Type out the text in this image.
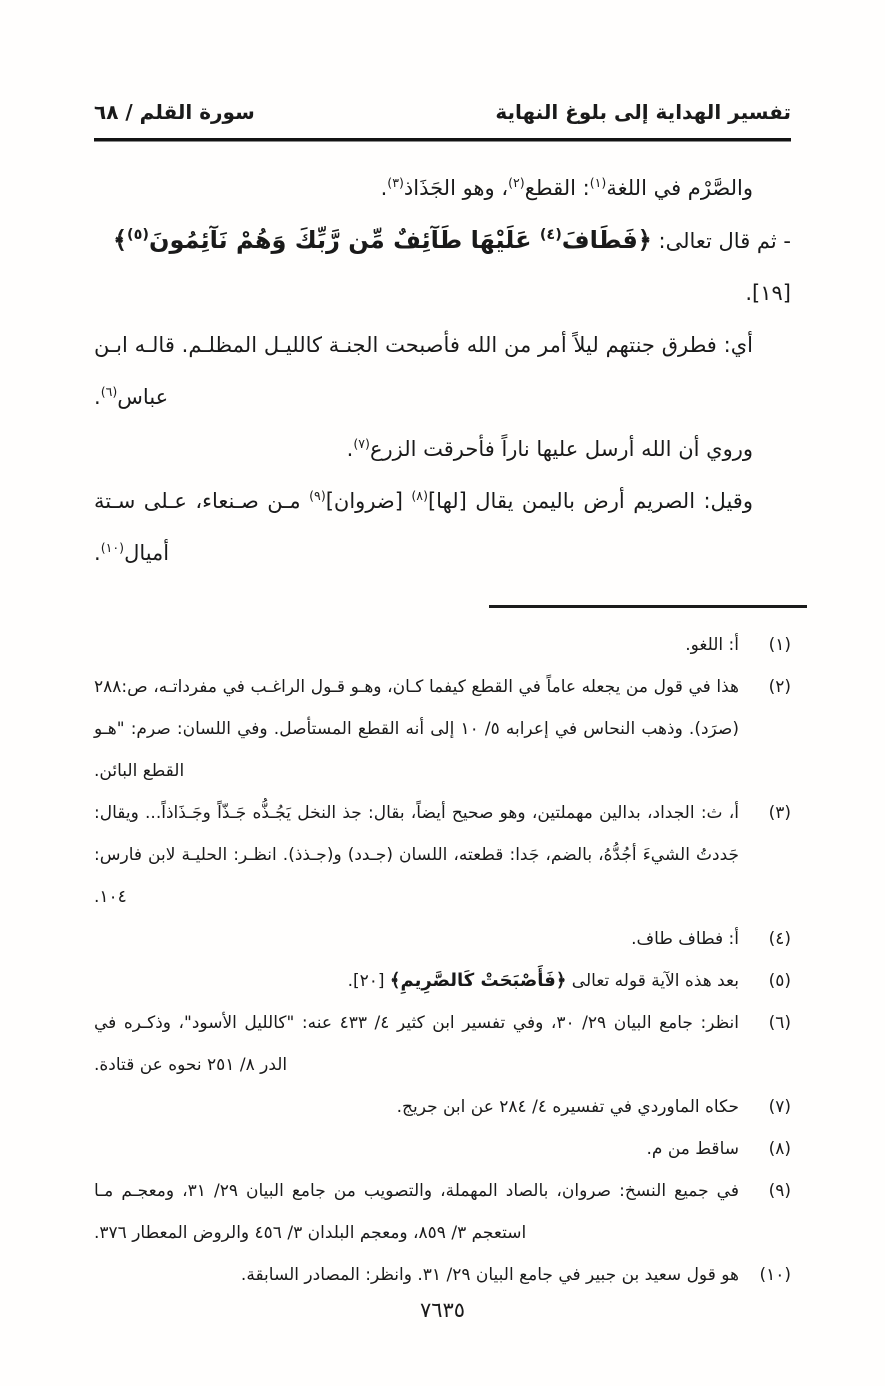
تفسير الهداية إلى بلوغ النهاية
سورة القلم / ٦٨

والصَّرْم في اللغة$^{(١)}$: القطع$^{(٢)}$، وهو الجَذَاذ$^{(٣)}$.

- ثم قال تعالى: ﴿فَطَافَ$^{(٤)}$ عَلَيْهَا طَآئِفٌ مِّن رَّبِّكَ وَهُمْ نَآئِمُونَ$^{(٥)}$﴾ [١٩].

أي: فطرق جنتهم ليلاً أمر من الله فأصبحت الجنـة كالليـل المظلـم. قالـه ابـن عباس$^{(٦)}$.

وروي أن الله أرسل عليها ناراً فأحرقت الزرع$^{(٧)}$.

وقيل: الصريم أرض باليمن يقال [لها]$^{(٨)}$ [ضروان]$^{(٩)}$ مـن صـنعاء، عـلى سـتة أميال$^{(١٠)}$.

(١)
أ: اللغو.
(٢)
هذا في قول من يجعله عاماً في القطع كيفما كـان، وهـو قـول الراغـب في مفرداتـه، ص:٢٨٨ (صرَد). وذهب النحاس في إعرابه ٥/ ١٠ إلى أنه القطع المستأصل. وفي اللسان: صرم: "هـو القطع البائن.
(٣)
أ، ث: الجداد، بدالين مهملتين، وهو صحيح أيضاً، بقال: جذ النخل يَجُـذُّه جَـذّاً وجَـذَاذاً... ويقال: جَددتُ الشيءَ أجُدُّهُ، بالضم، جَدا: قطعته، اللسان (جـدد) و(جـذذ). انظـر: الحليـة لابن فارس: ١٠٤.
(٤)
أ: فطاف طاف.
(٥)
بعد هذه الآية قوله تعالى ﴿فَأَصْبَحَتْ كَالصَّرِيمِ﴾ [٢٠].
(٦)
انظر: جامع البيان ٢٩/ ٣٠، وفي تفسير ابن كثير ٤/ ٤٣٣ عنه: "كالليل الأسود"، وذكـره في الدر ٨/ ٢٥١ نحوه عن قتادة.
(٧)
حكاه الماوردي في تفسيره ٤/ ٢٨٤ عن ابن جريج.
(٨)
ساقط من م.
(٩)
في جميع النسخ: صروان، بالصاد المهملة، والتصويب من جامع البيان ٢٩/ ٣١، ومعجـم مـا استعجم ٣/ ٨٥٩، ومعجم البلدان ٣/ ٤٥٦ والروض المعطار ٣٧٦.
(١٠)
هو قول سعيد بن جبير في جامع البيان ٢٩/ ٣١. وانظر: المصادر السابقة.
٧٦٣٥
